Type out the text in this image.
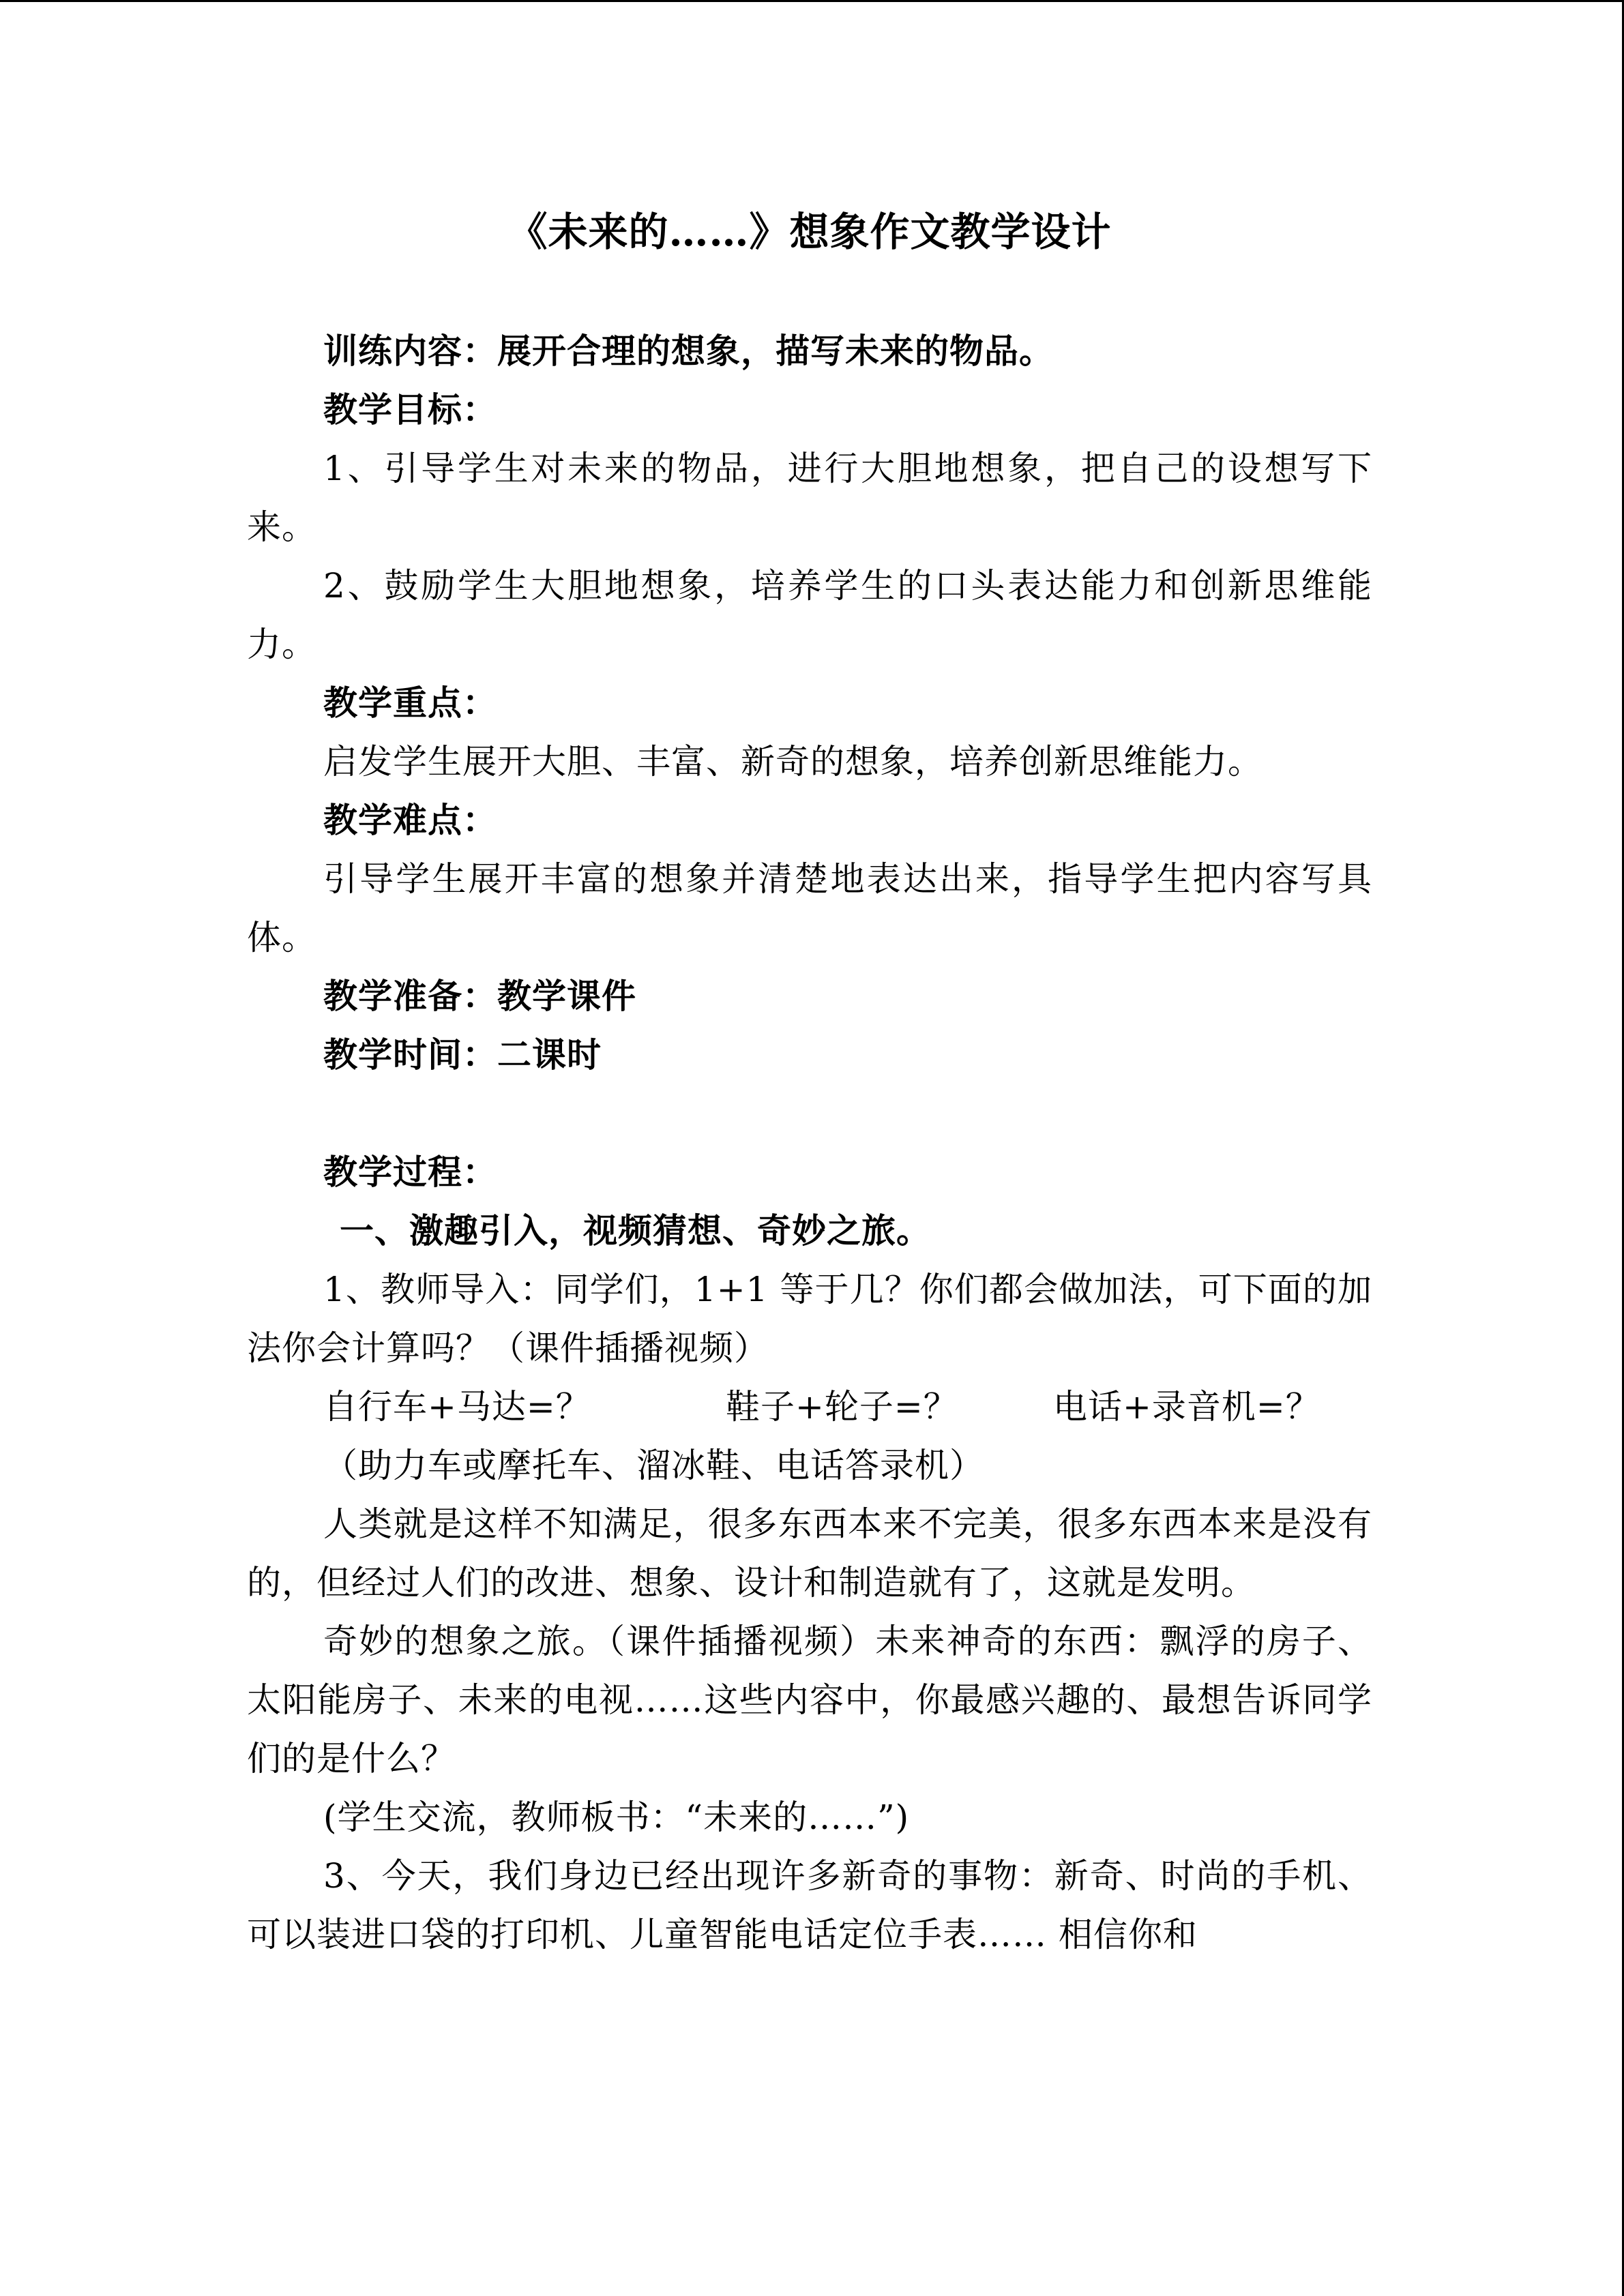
《未来的……》想象作文教学设计

训练内容：展开合理的想象，描写未来的物品。

教学目标：

1、引导学生对未来的物品，进行大胆地想象，把自己的设想写下来。

2、鼓励学生大胆地想象，培养学生的口头表达能力和创新思维能力。

教学重点：

启发学生展开大胆、丰富、新奇的想象，培养创新思维能力。

教学难点：

引导学生展开丰富的想象并清楚地表达出来，指导学生把内容写具体。

教学准备：教学课件

教学时间：二课时

教学过程：

一、激趣引入，视频猜想、奇妙之旅。

1、教师导入：同学们，1+1 等于几？你们都会做加法，可下面的加法你会计算吗？（课件插播视频）

自行车+马达=？	鞋子+轮子=？	电话+录音机=？

（助力车或摩托车、溜冰鞋、电话答录机）

人类就是这样不知满足，很多东西本来不完美，很多东西本来是没有的，但经过人们的改进、想象、设计和制造就有了，这就是发明。

奇妙的想象之旅。（课件插播视频）未来神奇的东西：飘浮的房子、太阳能房子、未来的电视……这些内容中，你最感兴趣的、最想告诉同学们的是什么？

(学生交流，教师板书：“未来的……”)

3、今天，我们身边已经出现许多新奇的事物：新奇、时尚的手机、可以装进口袋的打印机、儿童智能电话定位手表…… 相信你和
